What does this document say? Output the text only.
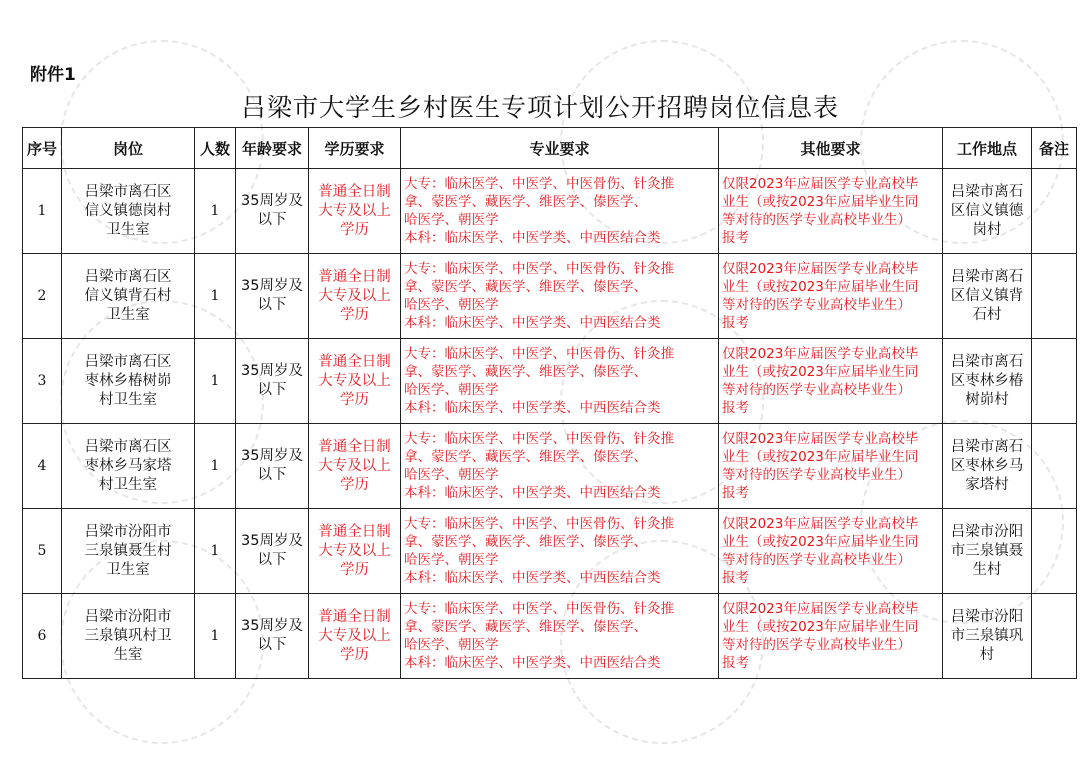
附件1
吕梁市大学生乡村医生专项计划公开招聘岗位信息表
序号	岗位	人数	年龄要求	学历要求	专业要求	其他要求	工作地点	备注
1	吕梁市离石区
信义镇德岗村
卫生室	1	35周岁及
以下	普通全日制
大专及以上
学历	大专：临床医学、中医学、中医骨伤、针灸推
拿、蒙医学、藏医学、维医学、傣医学、
哈医学、朝医学
本科：临床医学、中医学类、中西医结合类	仅限2023年应届医学专业高校毕
业生（或按2023年应届毕业生同
等对待的医学专业高校毕业生）
报考	吕梁市离石
区信义镇德
岗村	

2	吕梁市离石区
信义镇背石村
卫生室	1	35周岁及
以下	普通全日制
大专及以上
学历	大专：临床医学、中医学、中医骨伤、针灸推
拿、蒙医学、藏医学、维医学、傣医学、
哈医学、朝医学
本科：临床医学、中医学类、中西医结合类	仅限2023年应届医学专业高校毕
业生（或按2023年应届毕业生同
等对待的医学专业高校毕业生）
报考	吕梁市离石
区信义镇背
石村	

3	吕梁市离石区
枣林乡椿树峁
村卫生室	1	35周岁及
以下	普通全日制
大专及以上
学历	大专：临床医学、中医学、中医骨伤、针灸推
拿、蒙医学、藏医学、维医学、傣医学、
哈医学、朝医学
本科：临床医学、中医学类、中西医结合类	仅限2023年应届医学专业高校毕
业生（或按2023年应届毕业生同
等对待的医学专业高校毕业生）
报考	吕梁市离石
区枣林乡椿
树峁村	

4	吕梁市离石区
枣林乡马家塔
村卫生室	1	35周岁及
以下	普通全日制
大专及以上
学历	大专：临床医学、中医学、中医骨伤、针灸推
拿、蒙医学、藏医学、维医学、傣医学、
哈医学、朝医学
本科：临床医学、中医学类、中西医结合类	仅限2023年应届医学专业高校毕
业生（或按2023年应届毕业生同
等对待的医学专业高校毕业生）
报考	吕梁市离石
区枣林乡马
家塔村	

5	吕梁市汾阳市
三泉镇聂生村
卫生室	1	35周岁及
以下	普通全日制
大专及以上
学历	大专：临床医学、中医学、中医骨伤、针灸推
拿、蒙医学、藏医学、维医学、傣医学、
哈医学、朝医学
本科：临床医学、中医学类、中西医结合类	仅限2023年应届医学专业高校毕
业生（或按2023年应届毕业生同
等对待的医学专业高校毕业生）
报考	吕梁市汾阳
市三泉镇聂
生村	

6	吕梁市汾阳市
三泉镇巩村卫
生室	1	35周岁及
以下	普通全日制
大专及以上
学历	大专：临床医学、中医学、中医骨伤、针灸推
拿、蒙医学、藏医学、维医学、傣医学、
哈医学、朝医学
本科：临床医学、中医学类、中西医结合类	仅限2023年应届医学专业高校毕
业生（或按2023年应届毕业生同
等对待的医学专业高校毕业生）
报考	吕梁市汾阳
市三泉镇巩
村	
